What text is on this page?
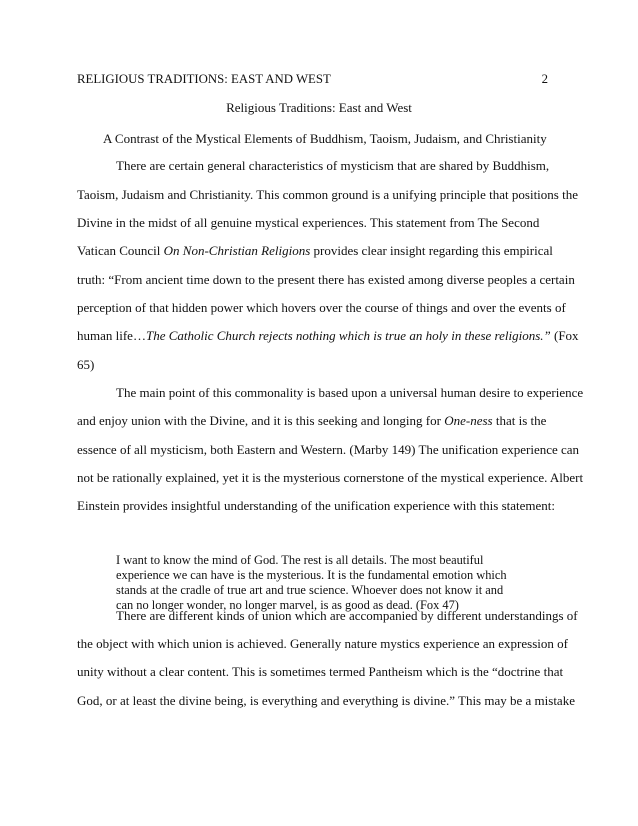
RELIGIOUS TRADITIONS: EAST AND WEST	2
Religious Traditions: East and West
A Contrast of the Mystical Elements of Buddhism, Taoism, Judaism, and Christianity
There are certain general characteristics of mysticism that are shared by Buddhism,
Taoism, Judaism and Christianity. This common ground is a unifying principle that positions the
Divine in the midst of all genuine mystical experiences. This statement from The Second
Vatican Council On Non-Christian Religions provides clear insight regarding this empirical
truth: “From ancient time down to the present there has existed among diverse peoples a certain
perception of that hidden power which hovers over the course of things and over the events of
human life…The Catholic Church rejects nothing which is true an holy in these religions.” (Fox
65)
The main point of this commonality is based upon a universal human desire to experience
and enjoy union with the Divine, and it is this seeking and longing for One-ness that is the
essence of all mysticism, both Eastern and Western. (Marby 149) The unification experience can
not be rationally explained, yet it is the mysterious cornerstone of the mystical experience. Albert
Einstein provides insightful understanding of the unification experience with this statement:
I want to know the mind of God. The rest is all details. The most beautiful
experience we can have is the mysterious. It is the fundamental emotion which
stands at the cradle of true art and true science. Whoever does not know it and
can no longer wonder, no longer marvel, is as good as dead. (Fox 47)
There are different kinds of union which are accompanied by different understandings of
the object with which union is achieved. Generally nature mystics experience an expression of
unity without a clear content. This is sometimes termed Pantheism which is the “doctrine that
God, or at least the divine being, is everything and everything is divine.” This may be a mistake
